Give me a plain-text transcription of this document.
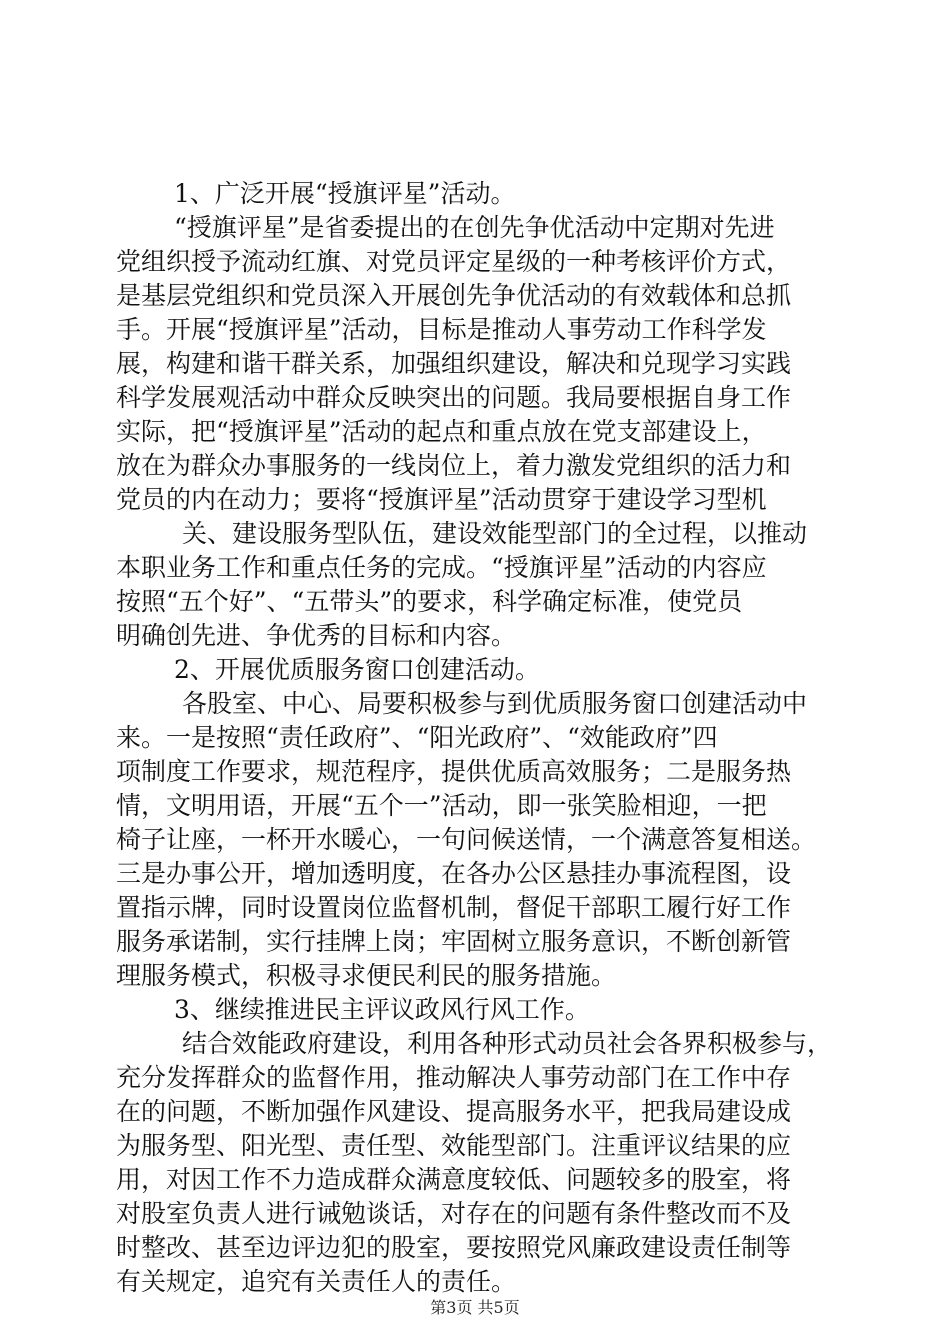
1、广泛开展“授旗评星”活动。
“授旗评星”是省委提出的在创先争优活动中定期对先进
党组织授予流动红旗、对党员评定星级的一种考核评价方式，
是基层党组织和党员深入开展创先争优活动的有效载体和总抓
手。开展“授旗评星”活动，目标是推动人事劳动工作科学发
展，构建和谐干群关系，加强组织建设，解决和兑现学习实践
科学发展观活动中群众反映突出的问题。我局要根据自身工作
实际，把“授旗评星”活动的起点和重点放在党支部建设上，
放在为群众办事服务的一线岗位上，着力激发党组织的活力和
党员的内在动力；要将“授旗评星”活动贯穿于建设学习型机
关、建设服务型队伍，建设效能型部门的全过程，以推动
本职业务工作和重点任务的完成。“授旗评星”活动的内容应
按照“五个好”、“五带头”的要求，科学确定标准，使党员
明确创先进、争优秀的目标和内容。
2、开展优质服务窗口创建活动。
各股室、中心、局要积极参与到优质服务窗口创建活动中
来。一是按照“责任政府”、“阳光政府”、“效能政府”四
项制度工作要求，规范程序，提供优质高效服务；二是服务热
情，文明用语，开展“五个一”活动，即一张笑脸相迎，一把
椅子让座，一杯开水暖心，一句问候送情，一个满意答复相送。
三是办事公开，增加透明度，在各办公区悬挂办事流程图，设
置指示牌，同时设置岗位监督机制，督促干部职工履行好工作
服务承诺制，实行挂牌上岗；牢固树立服务意识，不断创新管
理服务模式，积极寻求便民利民的服务措施。
3、继续推进民主评议政风行风工作。
结合效能政府建设，利用各种形式动员社会各界积极参与，
充分发挥群众的监督作用，推动解决人事劳动部门在工作中存
在的问题，不断加强作风建设、提高服务水平，把我局建设成
为服务型、阳光型、责任型、效能型部门。注重评议结果的应
用，对因工作不力造成群众满意度较低、问题较多的股室，将
对股室负责人进行诫勉谈话，对存在的问题有条件整改而不及
时整改、甚至边评边犯的股室，要按照党风廉政建设责任制等
有关规定，追究有关责任人的责任。
第3页 共5页
